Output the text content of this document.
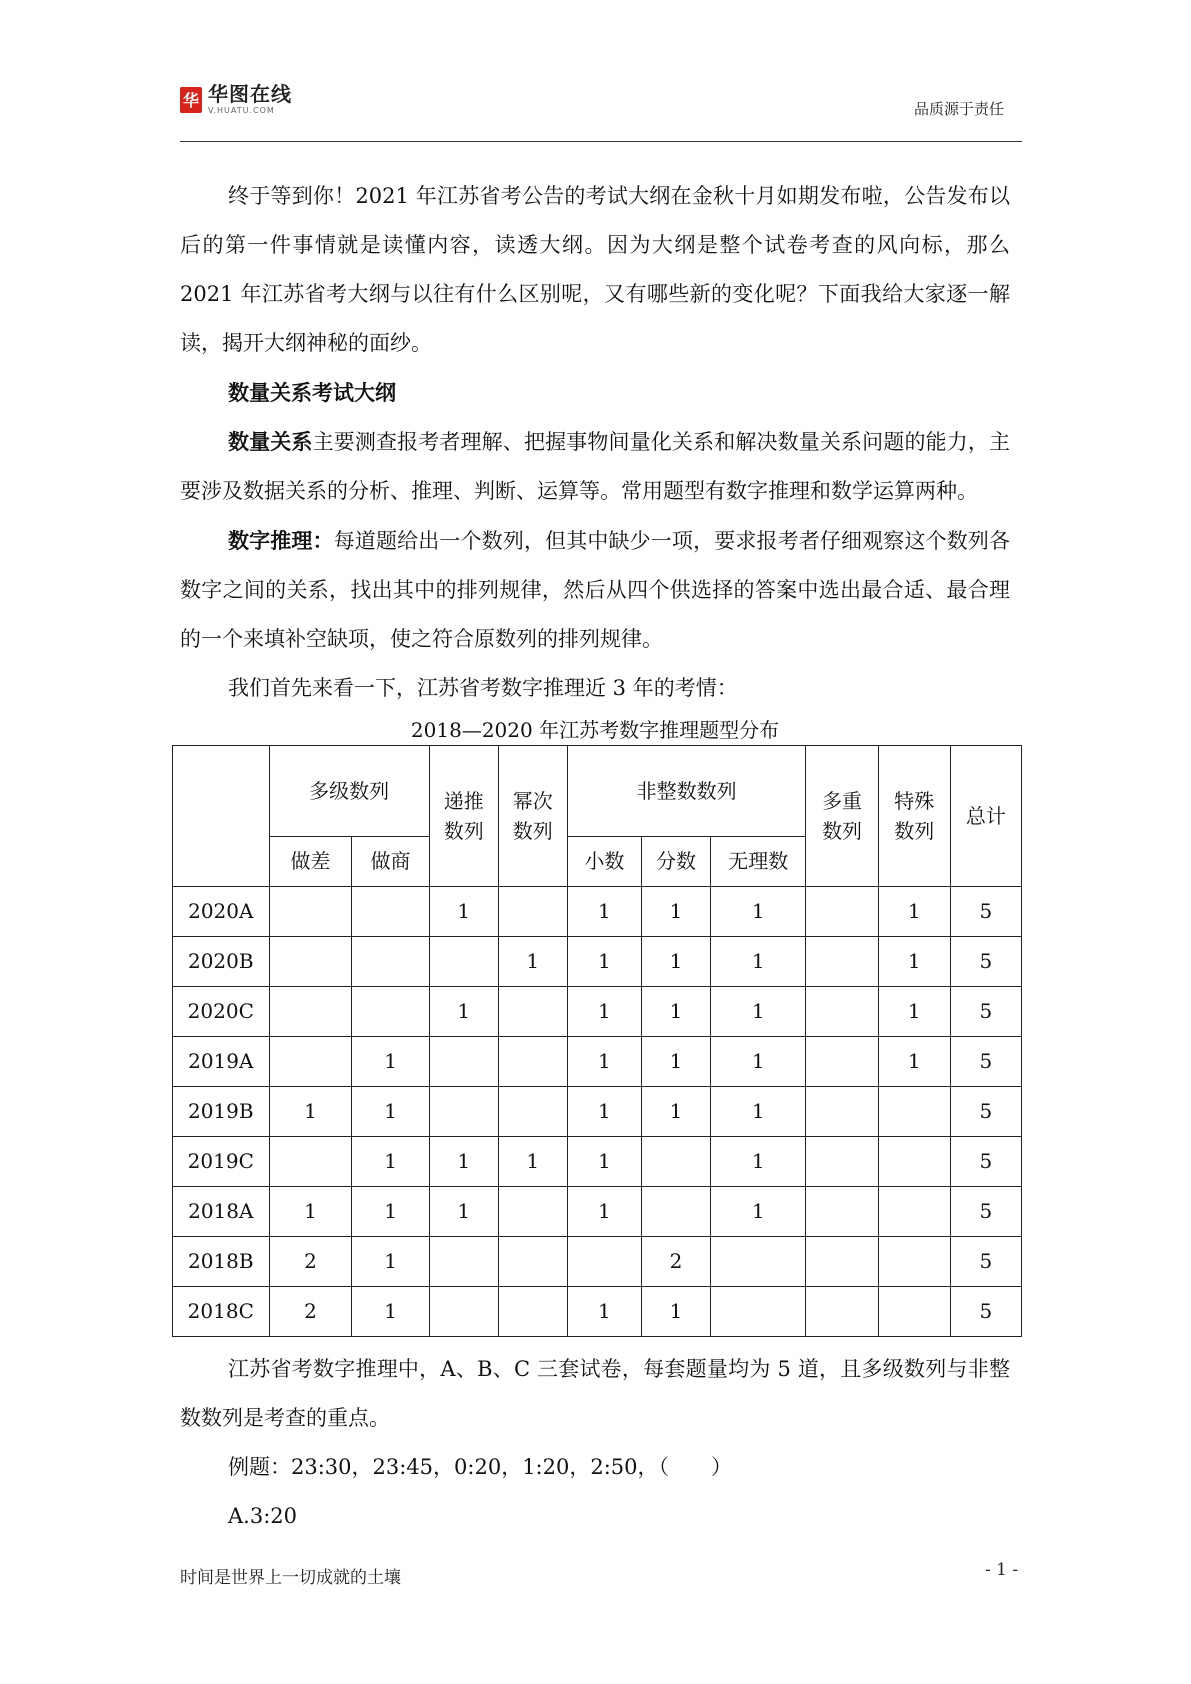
华 华图在线
V.HUATU.COM	品质源于责任

终于等到你！2021 年江苏省考公告的考试大纲在金秋十月如期发布啦，公告发布以后的第一件事情就是读懂内容，读透大纲。因为大纲是整个试卷考查的风向标，那么 2021 年江苏省考大纲与以往有什么区别呢，又有哪些新的变化呢？下面我给大家逐一解读，揭开大纲神秘的面纱。

数量关系考试大纲

数量关系主要测查报考者理解、把握事物间量化关系和解决数量关系问题的能力，主要涉及数据关系的分析、推理、判断、运算等。常用题型有数字推理和数学运算两种。

数字推理：每道题给出一个数列，但其中缺少一项，要求报考者仔细观察这个数列各数字之间的关系，找出其中的排列规律，然后从四个供选择的答案中选出最合适、最合理的一个来填补空缺项，使之符合原数列的排列规律。

我们首先来看一下，江苏省考数字推理近 3 年的考情：

2018—2020 年江苏考数字推理题型分布

	多级数列		递推数列	幂次数列	非整数数列			多重数列	特殊数列	总计
	做差	做商			小数	分数	无理数			
2020A			1		1	1	1		1	5
2020B				1	1	1	1		1	5
2020C			1		1	1	1		1	5
2019A		1			1	1	1		1	5
2019B	1	1			1	1	1			5
2019C		1	1	1	1		1			5
2018A	1	1	1		1		1			5
2018B	2	1				2				5
2018C	2	1			1	1				5

江苏省考数字推理中，A、B、C 三套试卷，每套题量均为 5 道，且多级数列与非整数数列是考查的重点。

例题：23:30，23:45，0:20，1:20，2:50，（　　）

A.3:20

时间是世界上一切成就的土壤	- 1 -
